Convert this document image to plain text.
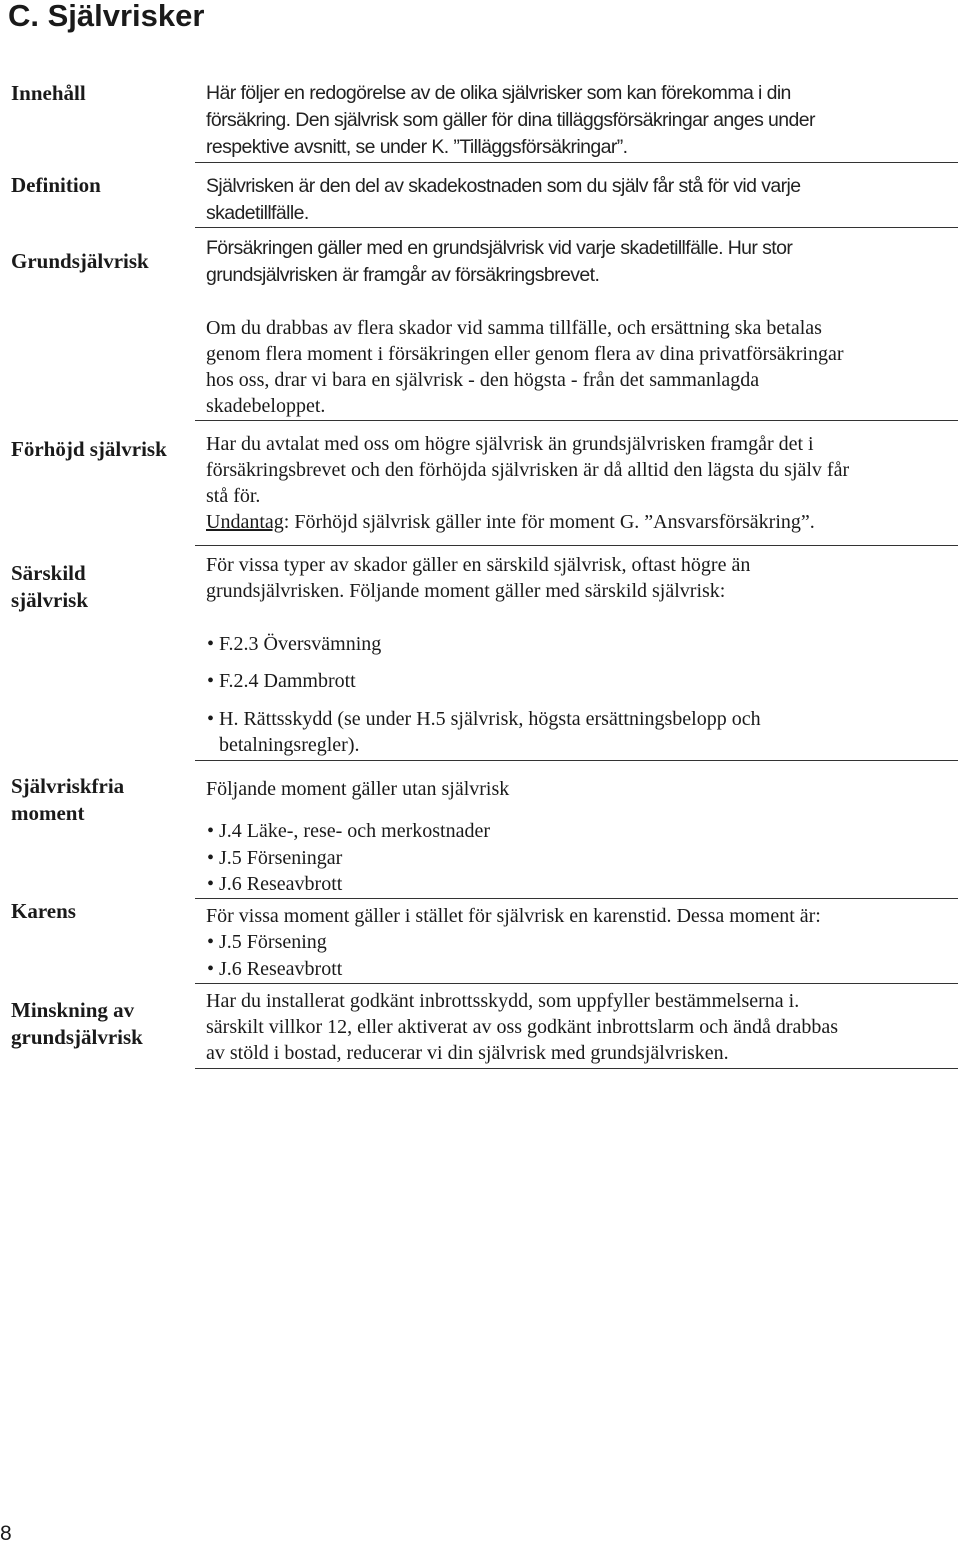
C. Självrisker
Innehåll
Definition
Grundsjälvrisk
Förhöjd självrisk
Särskild
självrisk
Självriskfria
moment
Karens
Minskning av
grundsjälvrisk
Här följer en redogörelse av de olika självrisker som kan förekomma i din
försäkring. Den självrisk som gäller för dina tilläggsförsäkringar anges under
respektive avsnitt, se under K. ”Tilläggsförsäkringar”.
Självrisken är den del av skadekostnaden som du själv får stå för vid varje
skadetillfälle.
Försäkringen gäller med en grundsjälvrisk vid varje skadetillfälle. Hur stor
grundsjälvrisken är framgår av försäkringsbrevet.
Om du drabbas av flera skador vid samma tillfälle, och ersättning ska betalas
genom flera moment i försäkringen eller genom flera av dina privatförsäkringar
hos oss, drar vi bara en självrisk - den högsta - från det sammanlagda
skadebeloppet.
Har du avtalat med oss om högre självrisk än grundsjälvrisken framgår det i
försäkringsbrevet och den förhöjda självrisken är då alltid den lägsta du själv får
stå för.
Undantag: Förhöjd självrisk gäller inte för moment G. ”Ansvarsförsäkring”.
För vissa typer av skador gäller en särskild självrisk, oftast högre än
grundsjälvrisken. Följande moment gäller med särskild självrisk:
• F.2.3 Översvämning
• F.2.4 Dammbrott
• H. Rättsskydd (se under H.5 självrisk, högsta ersättningsbelopp och
betalningsregler).
Följande moment gäller utan självrisk
• J.4 Läke-, rese- och merkostnader
• J.5 Förseningar
• J.6 Reseavbrott
För vissa moment gäller i stället för självrisk en karenstid. Dessa moment är:
• J.5 Försening
• J.6 Reseavbrott
Har du installerat godkänt inbrottsskydd, som uppfyller bestämmelserna i.
särskilt villkor 12, eller aktiverat av oss godkänt inbrottslarm och ändå drabbas
av stöld i bostad, reducerar vi din självrisk med grundsjälvrisken.
8
